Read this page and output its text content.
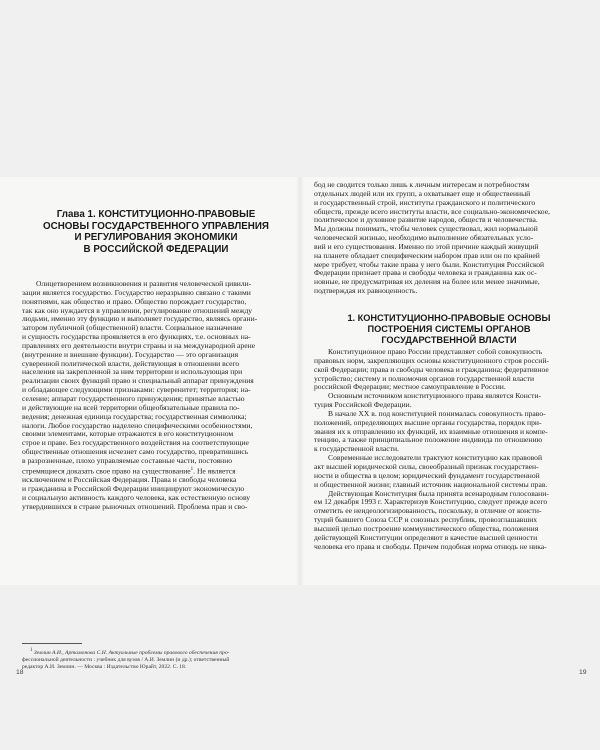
Глава 1. КОНСТИТУЦИОННО-ПРАВОВЫЕ
ОСНОВЫ ГОСУДАРСТВЕННОГО УПРАВЛЕНИЯ
И РЕГУЛИРОВАНИЯ ЭКОНОМИКИ
В РОССИЙСКОЙ ФЕДЕРАЦИИ
Олицетворением возникновения и развития человеческой цивили-
зации является государство. Государство неразрывно связано с такими
понятиями, как общество и право. Общество порождает государство,
так как оно нуждается в управлении, регулирование отношений между
людьми, именно эту функцию и выполняет государство, являясь органи-
затором публичной (общественной) власти. Социальное назначение
и сущность государства проявляется в его функциях, т.е. основных на-
правлениях его деятельности внутри страны и на международной арене
(внутренние и внешние функции). Государство — это организация
суверенной политической власти, действующая в отношении всего
населения на закрепленной за ним территории и использующая при
реализации своих функций право и специальный аппарат принуждения
и обладающее следующими признаками: суверенитет; территория; на-
селение; аппарат государственного принуждения; принятые властью
и действующие на всей территории общеобязательные правила по-
ведения; денежная единица государства; государственная символика;
налоги. Любое государство наделено специфическими особенностями,
своими элементами, которые отражаются в его конституционном
строе и праве. Без государственного воздействия на соответствующие
общественные отношения исчезнет само государство, превратившись
в разрозненные, плохо управляемые составные части, постоянно
стремящиеся доказать свое право на существование$^1$. Не является
исключением и Российская Федерация. Права и свободы человека
и гражданина в Российской Федерации инициируют экономическую
и социальную активность каждого человека, как естественную основу
утвердившихся в стране рыночных отношений. Проблема прав и сво-
$^1$ Землин А.И., Артамонова С.Н. Актуальные проблемы правового обеспечения про-
фессиональной деятельности : учебник для вузов / А.И. Землин (и др.); ответственный
редактор А.И. Землин. — Москва : Издательство Юрайт, 2022. С. 18.
бод не сводится только лишь к личным интересам и потребностям
отдельных людей или их групп, а охватывает еще и общественный
и государственный строй, институты гражданского и политического
обществ, прежде всего институты власти, все социально-экономическое,
политическое и духовное развитие народов, обществ и человечества.
Мы должны понимать, чтобы человек существовал, жил нормальной
человеческой жизнью, необходимо выполнение обязательных усло-
вий и его существования. Именно по этой причине каждый живущий
на планете обладает специфическим набором прав или он по крайней
мере требует, чтобы такие права у него были. Конституция Российской
Федерации признает права и свободы человека и гражданина как ос-
новные, не предусматривая их деления на более или менее значимые,
подтверждая их равноценность.
1. КОНСТИТУЦИОННО-ПРАВОВЫЕ ОСНОВЫ
ПОСТРОЕНИЯ СИСТЕМЫ ОРГАНОВ
ГОСУДАРСТВЕННОЙ ВЛАСТИ
Конституционное право России представляет собой совокупность
правовых норм, закрепляющих основы конституционного строя россий-
ской Федерации; права и свободы человека и гражданина; федеративное
устройство; систему и полномочия органов государственной власти
российской Федерации; местное самоуправление в России.
Основным источником конституционного права является Консти-
туция Российской Федерации.
В начале XX в. под конституцией понималась совокупность право-
положений, определяющих высшие органы государства, порядок при-
звания их к отправлению их функций, их взаимные отношения и компе-
тенцию, а также принципиальное положение индивида по отношению
к государственной власти.
Современные исследователи трактуют конституцию как правовой
акт высшей юридической силы, своеобразный признак государствен-
ности и общества в целом; юридический фундамент государственной
и общественной жизни; главный источник национальной системы прав.
Действующая Конституция была принята всенародным голосовани-
ем 12 декабря 1993 г. Характеризуя Конституцию, следует прежде всего
отметить ее неидеологизированность, поскольку, в отличие от консти-
туций бывшего Союза ССР и союзных республик, провозглашавших
высшей целью построение коммунистического общества, положения
действующей Конституции определяют в качестве высшей ценности
человека его права и свободы. Причем подобная норма отнюдь не ника-
18	19
